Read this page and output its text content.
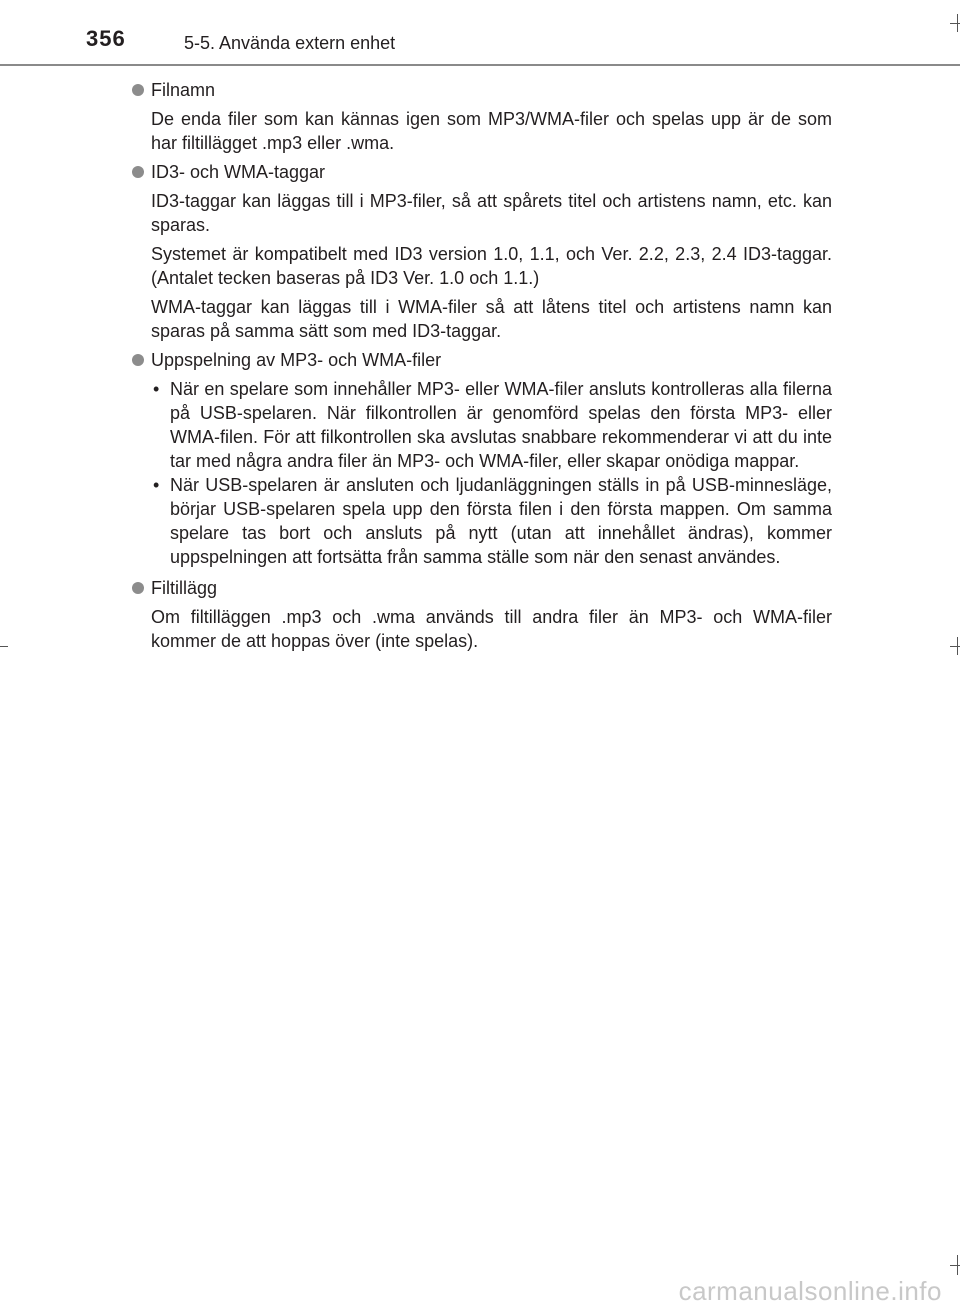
356	5-5. Använda extern enhet
Filnamn

De enda filer som kan kännas igen som MP3/WMA-filer och spelas upp är de som har filtillägget .mp3 eller .wma.

ID3- och WMA-taggar

ID3-taggar kan läggas till i MP3-filer, så att spårets titel och artistens namn, etc. kan sparas.

Systemet är kompatibelt med ID3 version 1.0, 1.1, och Ver. 2.2, 2.3, 2.4 ID3-taggar. (Antalet tecken baseras på ID3 Ver. 1.0 och 1.1.)

WMA-taggar kan läggas till i WMA-filer så att låtens titel och artistens namn kan sparas på samma sätt som med ID3-taggar.

Uppspelning av MP3- och WMA-filer
• När en spelare som innehåller MP3- eller WMA-filer ansluts kontrolleras alla filerna på USB-spelaren. När filkontrollen är genomförd spelas den första MP3- eller WMA-filen. För att filkontrollen ska avslutas snabbare rekommenderar vi att du inte tar med några andra filer än MP3- och WMA-filer, eller skapar onödiga mappar.
• När USB-spelaren är ansluten och ljudanläggningen ställs in på USB-minnesläge, börjar USB-spelaren spela upp den första filen i den första mappen. Om samma spelare tas bort och ansluts på nytt (utan att innehållet ändras), kommer uppspelningen att fortsätta från samma ställe som när den senast användes.
Filtillägg

Om filtilläggen .mp3 och .wma används till andra filer än MP3- och WMA-filer kommer de att hoppas över (inte spelas).

carmanualsonline.info
